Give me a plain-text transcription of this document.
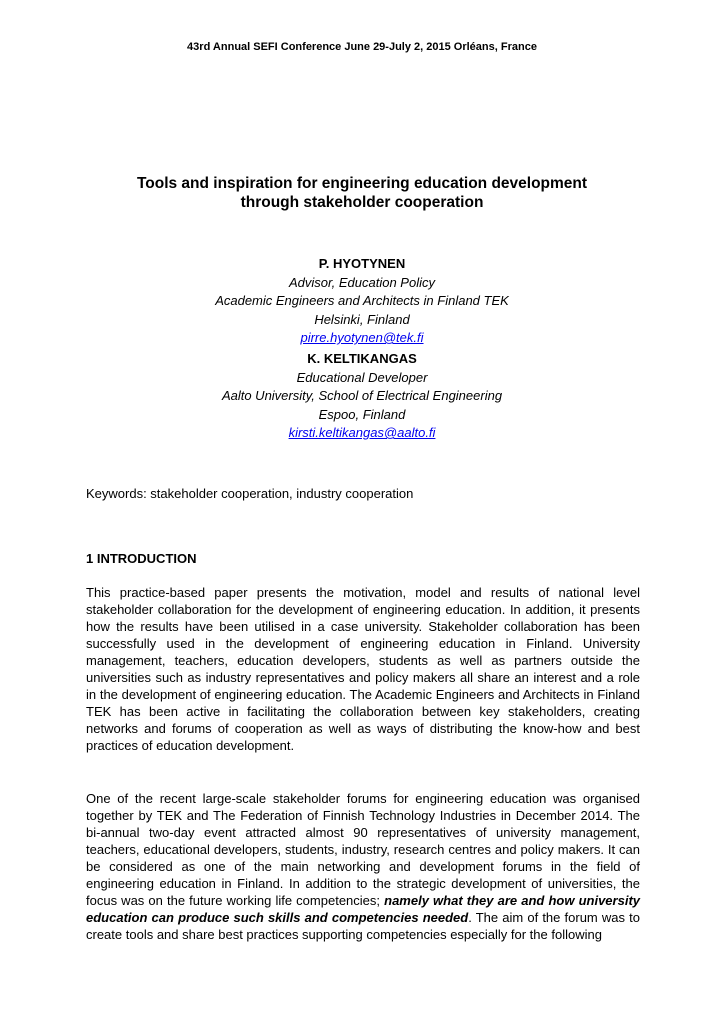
43rd Annual SEFI Conference June 29-July 2, 2015 Orléans, France
Tools and inspiration for engineering education development
through stakeholder cooperation
P. HYOTYNEN
Advisor, Education Policy
Academic Engineers and Architects in Finland TEK
Helsinki, Finland
pirre.hyotynen@tek.fi
K. KELTIKANGAS
Educational Developer
Aalto University, School of Electrical Engineering
Espoo, Finland
kirsti.keltikangas@aalto.fi
Keywords: stakeholder cooperation, industry cooperation
1 INTRODUCTION

This practice-based paper presents the motivation, model and results of national level stakeholder collaboration for the development of engineering education. In addition, it presents how the results have been utilised in a case university. Stakeholder collaboration has been successfully used in the development of engineering education in Finland. University management, teachers, education developers, students as well as partners outside the universities such as industry representatives and policy makers all share an interest and a role in the development of engineering education. The Academic Engineers and Architects in Finland TEK has been active in facilitating the collaboration between key stakeholders, creating networks and forums of cooperation as well as ways of distributing the know-how and best practices of education development.

One of the recent large-scale stakeholder forums for engineering education was organised together by TEK and The Federation of Finnish Technology Industries in December 2014. The bi-annual two-day event attracted almost 90 representatives of university management, teachers, educational developers, students, industry, research centres and policy makers. It can be considered as one of the main networking and development forums in the field of engineering education in Finland. In addition to the strategic development of universities, the focus was on the future working life competencies; namely what they are and how university education can produce such skills and competencies needed. The aim of the forum was to create tools and share best practices supporting competencies especially for the following
